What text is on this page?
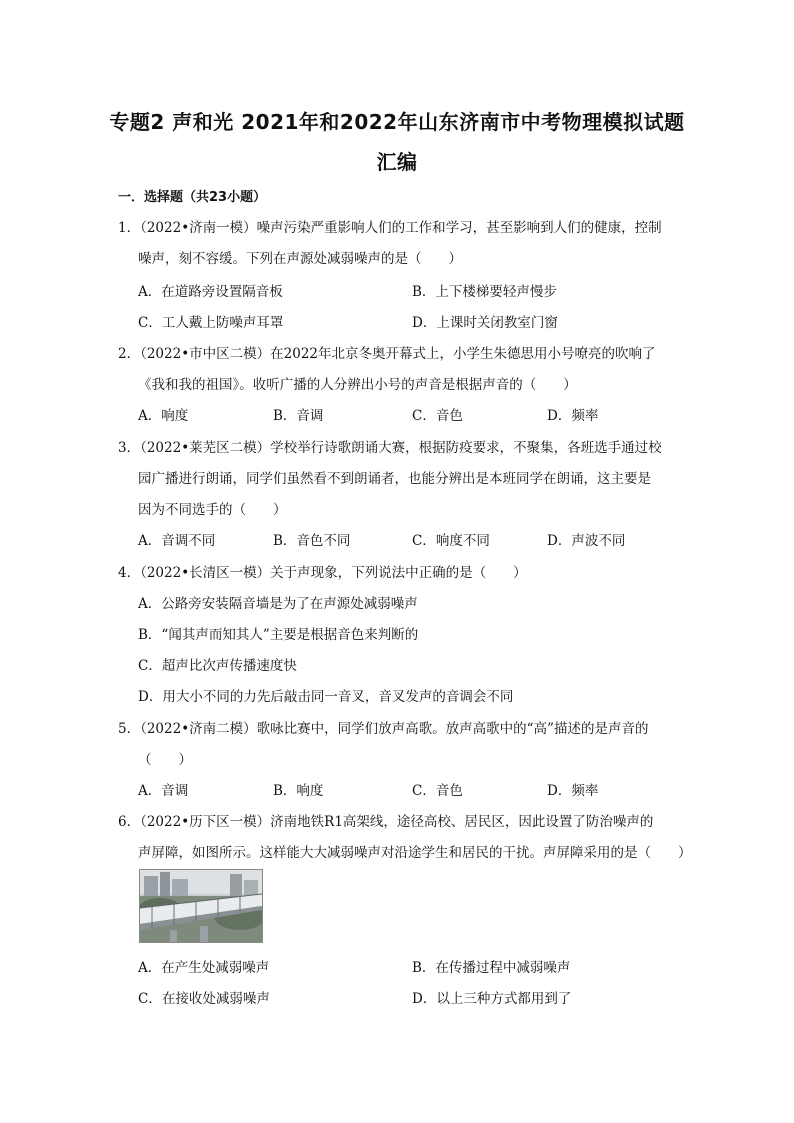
专题2 声和光 2021年和2022年山东济南市中考物理模拟试题
汇编
一．选择题（共23小题）
1．（2022•济南一模）噪声污染严重影响人们的工作和学习，甚至影响到人们的健康，控制
噪声，刻不容缓。下列在声源处减弱噪声的是（　　）
A．在道路旁设置隔音板	B．上下楼梯要轻声慢步
C．工人戴上防噪声耳罩	D．上课时关闭教室门窗
2．（2022•市中区二模）在2022年北京冬奥开幕式上，小学生朱德思用小号嘹亮的吹响了
《我和我的祖国》。收听广播的人分辨出小号的声音是根据声音的（　　）
A．响度	B．音调	C．音色	D．频率
3．（2022•莱芜区二模）学校举行诗歌朗诵大赛，根据防疫要求，不聚集，各班选手通过校
园广播进行朗诵，同学们虽然看不到朗诵者，也能分辨出是本班同学在朗诵，这主要是
因为不同选手的（　　）
A．音调不同	B．音色不同	C．响度不同	D．声波不同
4．（2022•长清区一模）关于声现象，下列说法中正确的是（　　）
A．公路旁安装隔音墙是为了在声源处减弱噪声
B．“闻其声而知其人”主要是根据音色来判断的
C．超声比次声传播速度快
D．用大小不同的力先后敲击同一音叉，音叉发声的音调会不同
5．（2022•济南二模）歌咏比赛中，同学们放声高歌。放声高歌中的“高”描述的是声音的
（　　）
A．音调	B．响度	C．音色	D．频率
6．（2022•历下区一模）济南地铁R1高架线，途径高校、居民区，因此设置了防治噪声的
声屏障，如图所示。这样能大大减弱噪声对沿途学生和居民的干扰。声屏障采用的是（　　）
A．在产生处减弱噪声	B．在传播过程中减弱噪声
C．在接收处减弱噪声	D．以上三种方式都用到了
